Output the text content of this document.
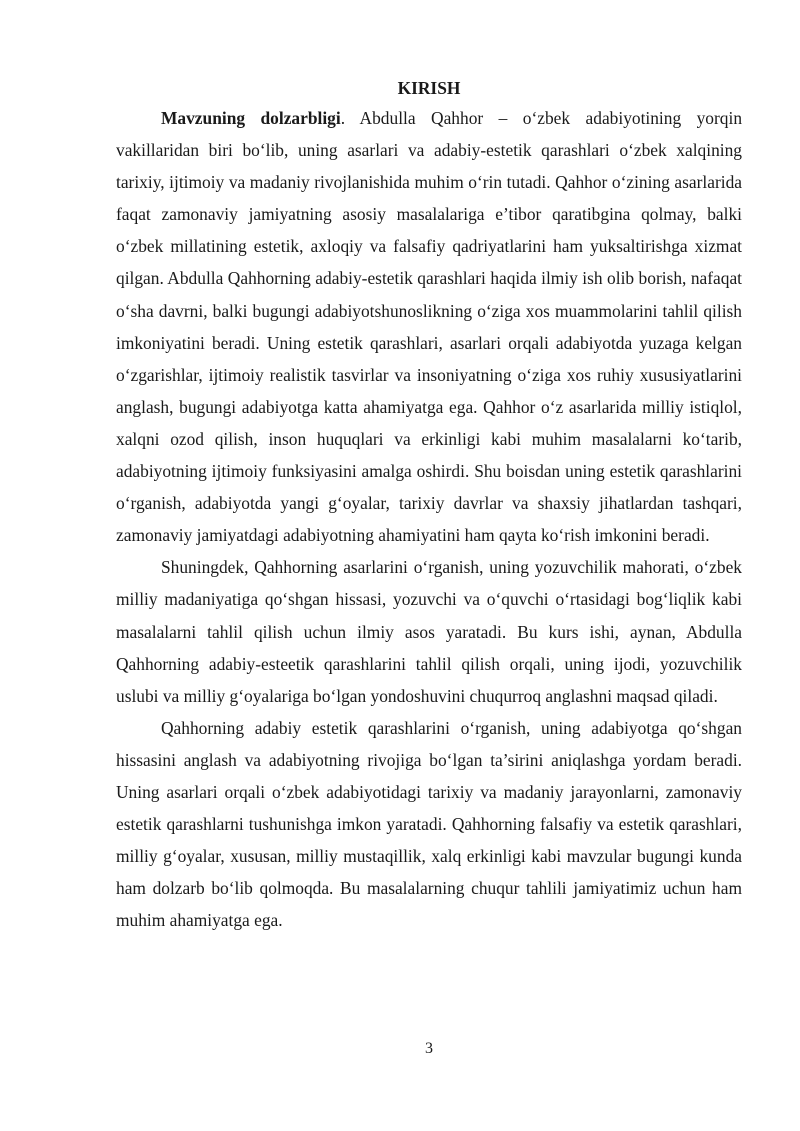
KIRISH

Mavzuning dolzarbligi. Abdulla Qahhor – o‘zbek adabiyotining yorqin vakillaridan biri bo‘lib, uning asarlari va adabiy-estetik qarashlari o‘zbek xalqining tarixiy, ijtimoiy va madaniy rivojlanishida muhim o‘rin tutadi. Qahhor o‘zining asarlarida faqat zamonaviy jamiyatning asosiy masalalariga e’tibor qaratibgina qolmay, balki o‘zbek millatining estetik, axloqiy va falsafiy qadriyatlarini ham yuksaltirishga xizmat qilgan. Abdulla Qahhorning adabiy-estetik qarashlari haqida ilmiy ish olib borish, nafaqat o‘sha davrni, balki bugungi adabiyotshunoslikning o‘ziga xos muammolarini tahlil qilish imkoniyatini beradi. Uning estetik qarashlari, asarlari orqali adabiyotda yuzaga kelgan o‘zgarishlar, ijtimoiy realistik tasvirlar va insoniyatning o‘ziga xos ruhiy xususiyatlarini anglash, bugungi adabiyotga katta ahamiyatga ega. Qahhor o‘z asarlarida milliy istiqlol, xalqni ozod qilish, inson huquqlari va erkinligi kabi muhim masalalarni ko‘tarib, adabiyotning ijtimoiy funksiyasini amalga oshirdi. Shu boisdan uning estetik qarashlarini o‘rganish, adabiyotda yangi g‘oyalar, tarixiy davrlar va shaxsiy jihatlardan tashqari, zamonaviy jamiyatdagi adabiyotning ahamiyatini ham qayta ko‘rish imkonini beradi.

Shuningdek, Qahhorning asarlarini o‘rganish, uning yozuvchilik mahorati, o‘zbek milliy madaniyatiga qo‘shgan hissasi, yozuvchi va o‘quvchi o‘rtasidagi bog‘liqlik kabi masalalarni tahlil qilish uchun ilmiy asos yaratadi. Bu kurs ishi, aynan, Abdulla Qahhorning adabiy-esteetik qarashlarini tahlil qilish orqali, uning ijodi, yozuvchilik uslubi va milliy g‘oyalariga bo‘lgan yondoshuvini chuqurroq anglashni maqsad qiladi.

Qahhorning adabiy estetik qarashlarini o‘rganish, uning adabiyotga qo‘shgan hissasini anglash va adabiyotning rivojiga bo‘lgan ta’sirini aniqlashga yordam beradi. Uning asarlari orqali o‘zbek adabiyotidagi tarixiy va madaniy jarayonlarni, zamonaviy estetik qarashlarni tushunishga imkon yaratadi. Qahhorning falsafiy va estetik qarashlari, milliy g‘oyalar, xususan, milliy mustaqillik, xalq erkinligi kabi mavzular bugungi kunda ham dolzarb bo‘lib qolmoqda. Bu masalalarning chuqur tahlili jamiyatimiz uchun ham muhim ahamiyatga ega.

3
